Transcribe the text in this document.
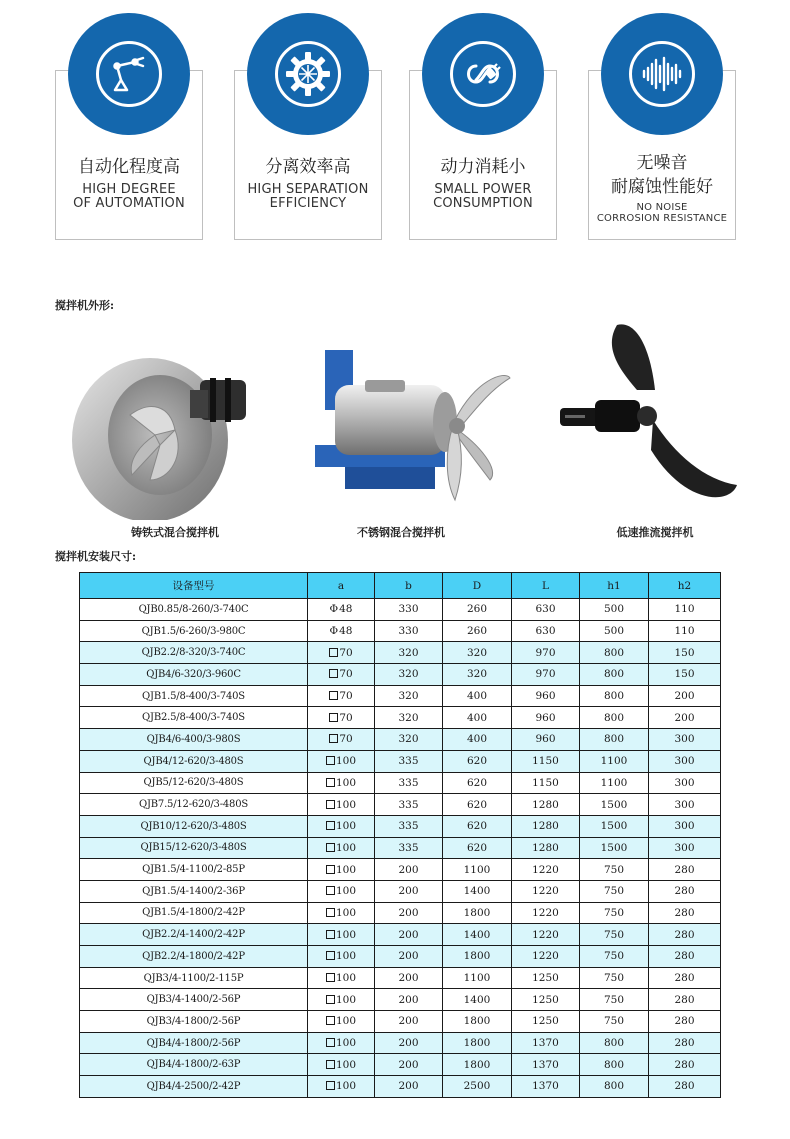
自动化程度高
HIGH DEGREE
OF AUTOMATION
分离效率高
HIGH SEPARATION
EFFICIENCY
动力消耗小
SMALL POWER
CONSUMPTION
无噪音
耐腐蚀性能好
NO NOISE
CORROSION RESISTANCE
搅拌机外形:
铸铁式混合搅拌机	不锈钢混合搅拌机	低速推流搅拌机
搅拌机安装尺寸:
设备型号	a	b	D	L	h1	h2
QJB0.85/8-260/3-740C	Φ48	330	260	630	500	110
QJB1.5/6-260/3-980C	Φ48	330	260	630	500	110
QJB2.2/8-320/3-740C	70	320	320	970	800	150
QJB4/6-320/3-960C	70	320	320	970	800	150
QJB1.5/8-400/3-740S	70	320	400	960	800	200
QJB2.5/8-400/3-740S	70	320	400	960	800	200
QJB4/6-400/3-980S	70	320	400	960	800	300
QJB4/12-620/3-480S	100	335	620	1150	1100	300
QJB5/12-620/3-480S	100	335	620	1150	1100	300
QJB7.5/12-620/3-480S	100	335	620	1280	1500	300
QJB10/12-620/3-480S	100	335	620	1280	1500	300
QJB15/12-620/3-480S	100	335	620	1280	1500	300
QJB1.5/4-1100/2-85P	100	200	1100	1220	750	280
QJB1.5/4-1400/2-36P	100	200	1400	1220	750	280
QJB1.5/4-1800/2-42P	100	200	1800	1220	750	280
QJB2.2/4-1400/2-42P	100	200	1400	1220	750	280
QJB2.2/4-1800/2-42P	100	200	1800	1220	750	280
QJB3/4-1100/2-115P	100	200	1100	1250	750	280
QJB3/4-1400/2-56P	100	200	1400	1250	750	280
QJB3/4-1800/2-56P	100	200	1800	1250	750	280
QJB4/4-1800/2-56P	100	200	1800	1370	800	280
QJB4/4-1800/2-63P	100	200	1800	1370	800	280
QJB4/4-2500/2-42P	100	200	2500	1370	800	280
